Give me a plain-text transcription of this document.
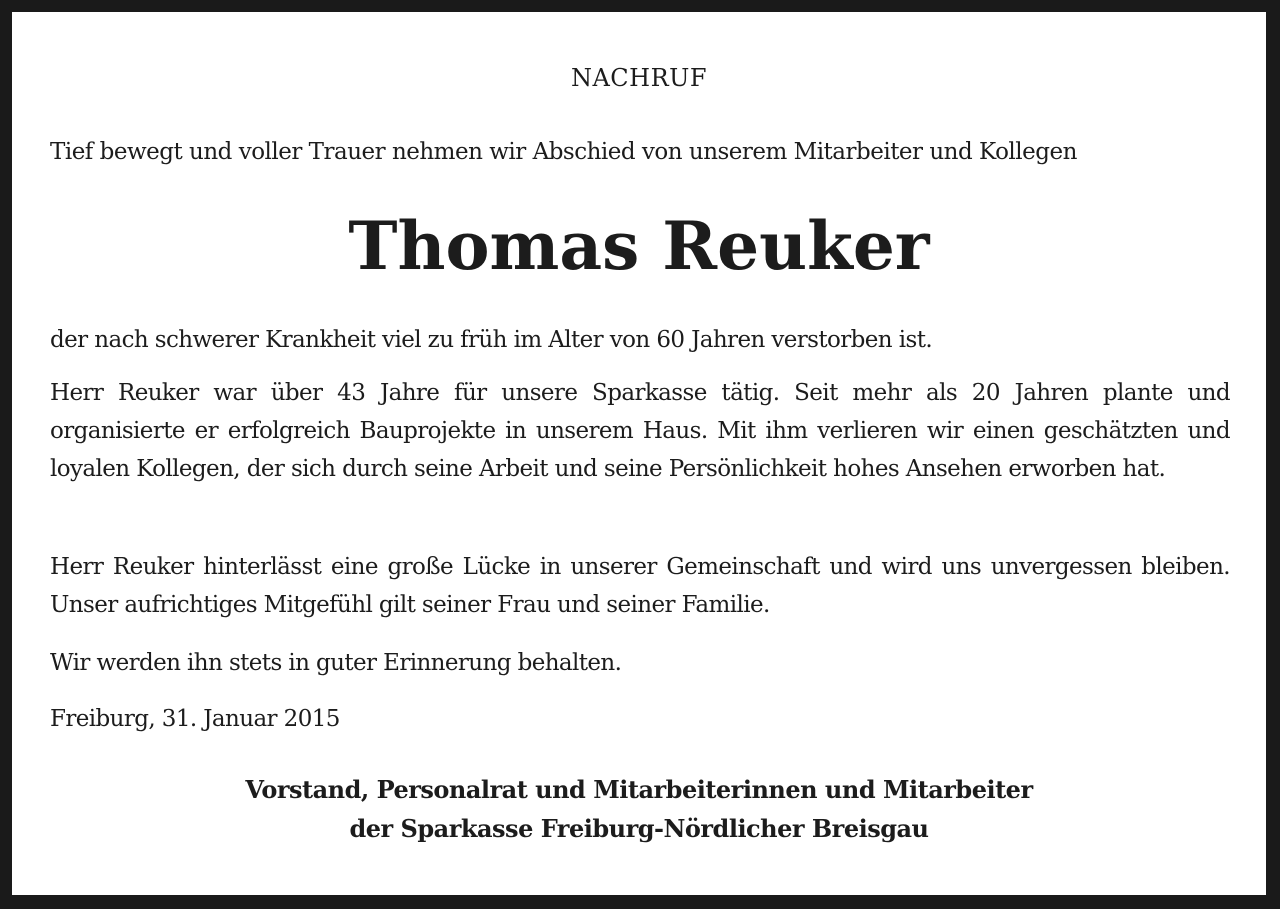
NACHRUF
Tief bewegt und voller Trauer nehmen wir Abschied von unserem Mitarbeiter und Kollegen
Thomas Reuker
der nach schwerer Krankheit viel zu früh im Alter von 60 Jahren verstorben ist.
Herr Reuker war über 43 Jahre für unsere Sparkasse tätig. Seit mehr als 20 Jahren plante und organisierte er erfolgreich Bauprojekte in unserem Haus. Mit ihm verlieren wir einen geschätzten und loyalen Kollegen, der sich durch seine Arbeit und seine Persönlichkeit hohes Ansehen erworben hat.
Herr Reuker hinterlässt eine große Lücke in unserer Gemeinschaft und wird uns unvergessen bleiben. Unser aufrichtiges Mitgefühl gilt seiner Frau und seiner Familie.
Wir werden ihn stets in guter Erinnerung behalten.
Freiburg, 31. Januar 2015
Vorstand, Personalrat und Mitarbeiterinnen und Mitarbeiter
der Sparkasse Freiburg-Nördlicher Breisgau
